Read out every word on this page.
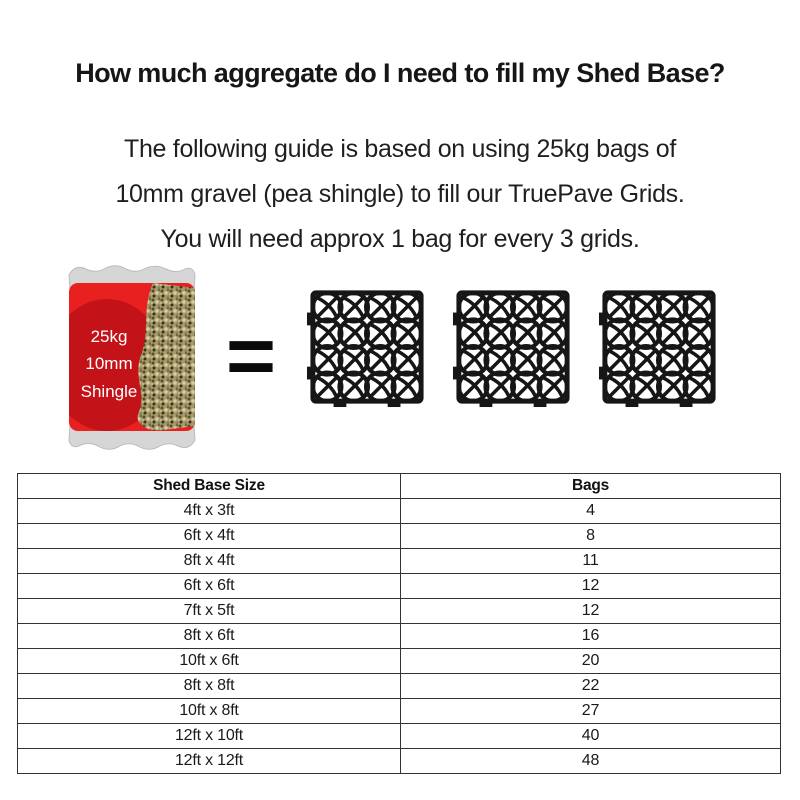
How much aggregate do I need to fill my Shed Base?
The following guide is based on using 25kg bags of
10mm gravel (pea shingle) to fill our TruePave Grids.
You will need approx 1 bag for every 3 grids.
25kg
10mm
Shingle =
Shed Base Size	Bags
4ft x 3ft	4
6ft x 4ft	8
8ft x 4ft	11
6ft x 6ft	12
7ft x 5ft	12
8ft x 6ft	16
10ft x 6ft	20
8ft x 8ft	22
10ft x 8ft	27
12ft x 10ft	40
12ft x 12ft	48
